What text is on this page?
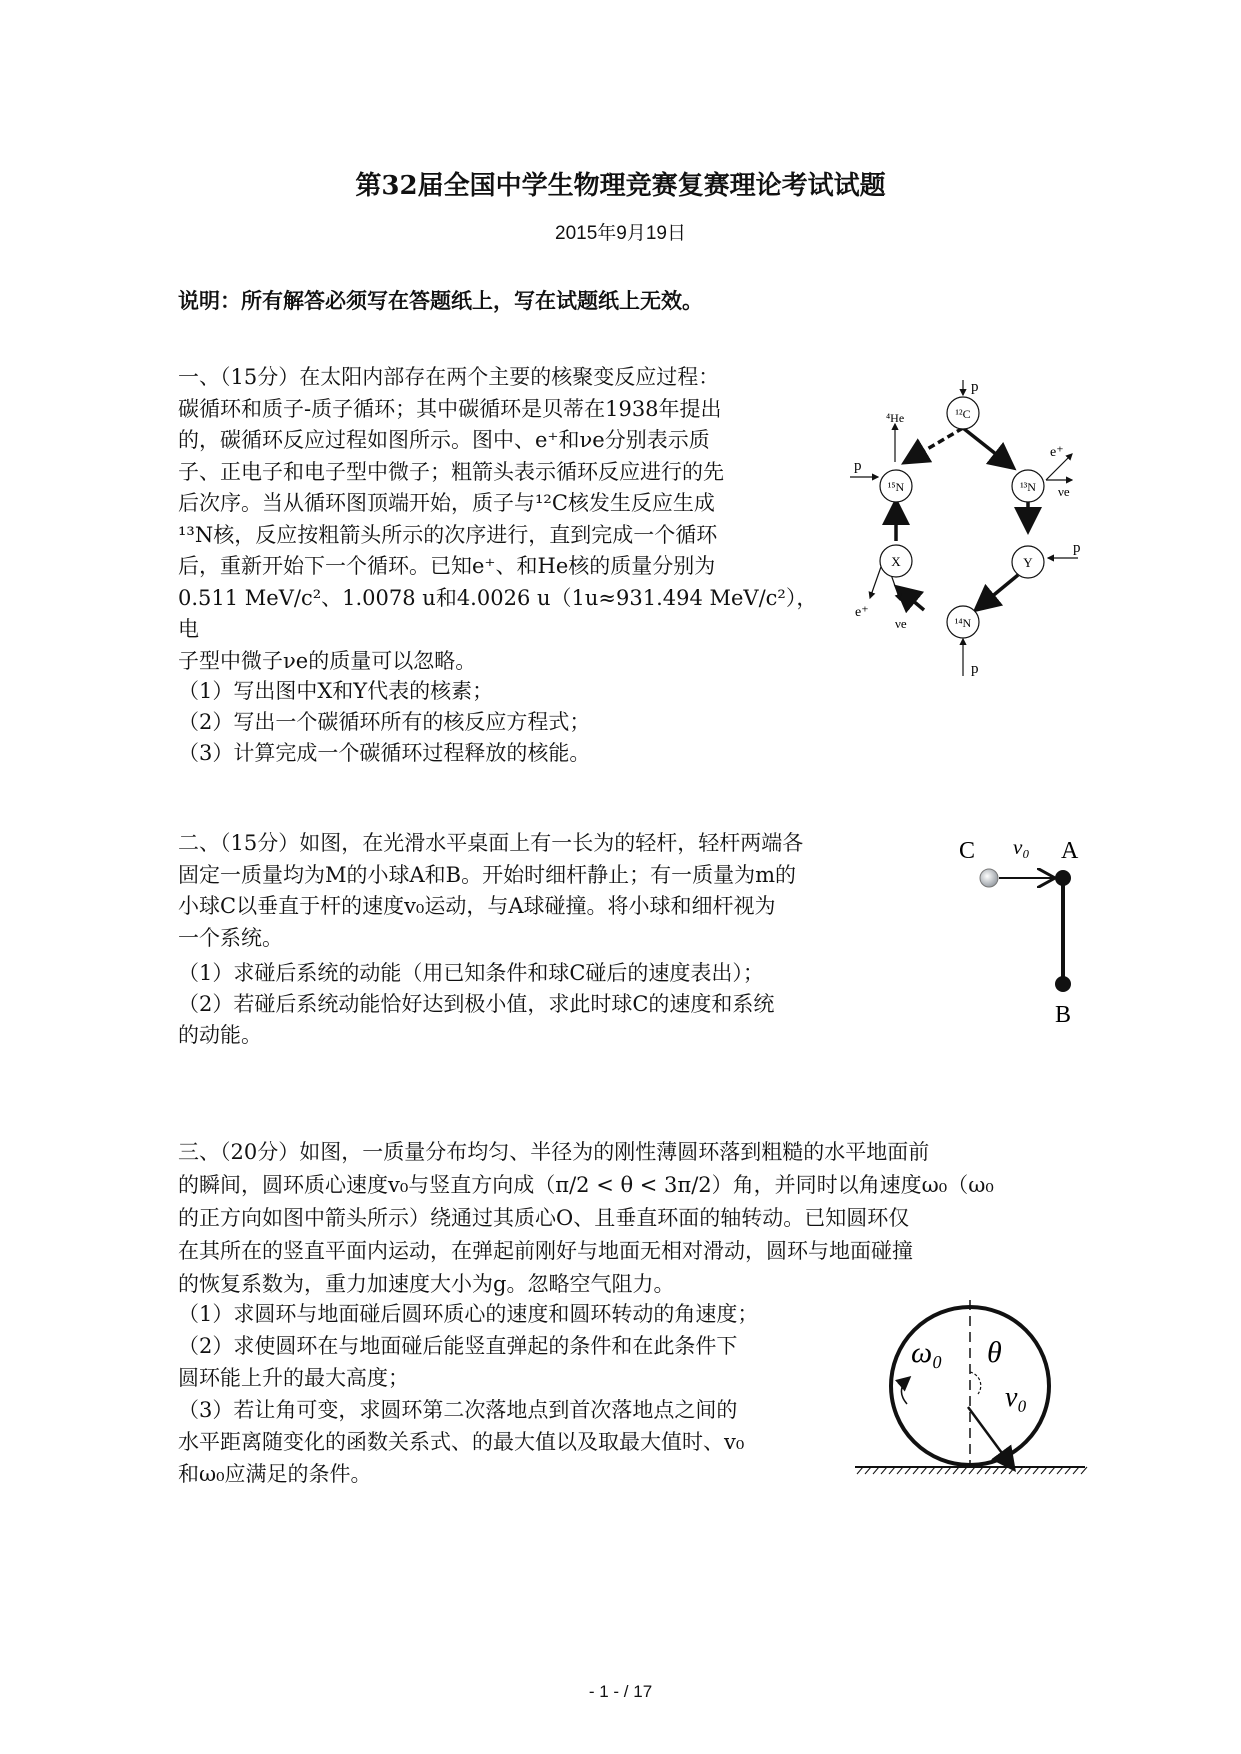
第32届全国中学生物理竞赛复赛理论考试试题
2015年9月19日
说明：所有解答必须写在答题纸上，写在试题纸上无效。
一、（15分）在太阳内部存在两个主要的核聚变反应过程：
碳循环和质子-质子循环；其中碳循环是贝蒂在1938年提出
的，碳循环反应过程如图所示。图中、e⁺和νe分别表示质
子、正电子和电子型中微子；粗箭头表示循环反应进行的先
后次序。当从循环图顶端开始，质子与¹²C核发生反应生成
¹³N核，反应按粗箭头所示的次序进行，直到完成一个循环
后，重新开始下一个循环。已知e⁺、和He核的质量分别为
0.511 MeV/c²、1.0078 u和4.0026 u（1u≈931.494 MeV/c²），电
子型中微子νe的质量可以忽略。
（1）写出图中X和Y代表的核素；
（2）写出一个碳循环所有的核反应方程式；
（3）计算完成一个碳循环过程释放的核能。
p
⁴He
p
e⁺
νe
p
e⁺
νe
p
¹²C
¹³N
Y
¹⁴N
X
¹⁵N
二、（15分）如图，在光滑水平桌面上有一长为的轻杆，轻杆两端各
固定一质量均为M的小球A和B。开始时细杆静止；有一质量为m的
小球C以垂直于杆的速度v₀运动，与A球碰撞。将小球和细杆视为
一个系统。
（1）求碰后系统的动能（用已知条件和球C碰后的速度表出）；
（2）若碰后系统动能恰好达到极小值，求此时球C的速度和系统
的动能。
C v₀ A
B
三、（20分）如图，一质量分布均匀、半径为的刚性薄圆环落到粗糙的水平地面前
的瞬间，圆环质心速度v₀与竖直方向成（π/2 < θ < 3π/2）角，并同时以角速度ω₀（ω₀
的正方向如图中箭头所示）绕通过其质心O、且垂直环面的轴转动。已知圆环仅
在其所在的竖直平面内运动，在弹起前刚好与地面无相对滑动，圆环与地面碰撞
的恢复系数为，重力加速度大小为g。忽略空气阻力。
（1）求圆环与地面碰后圆环质心的速度和圆环转动的角速度；
（2）求使圆环在与地面碰后能竖直弹起的条件和在此条件下
圆环能上升的最大高度；
（3）若让角可变，求圆环第二次落地点到首次落地点之间的
水平距离随变化的函数关系式、的最大值以及取最大值时、v₀
和ω₀应满足的条件。
ω₀ θ
v₀
- 1 - / 17
